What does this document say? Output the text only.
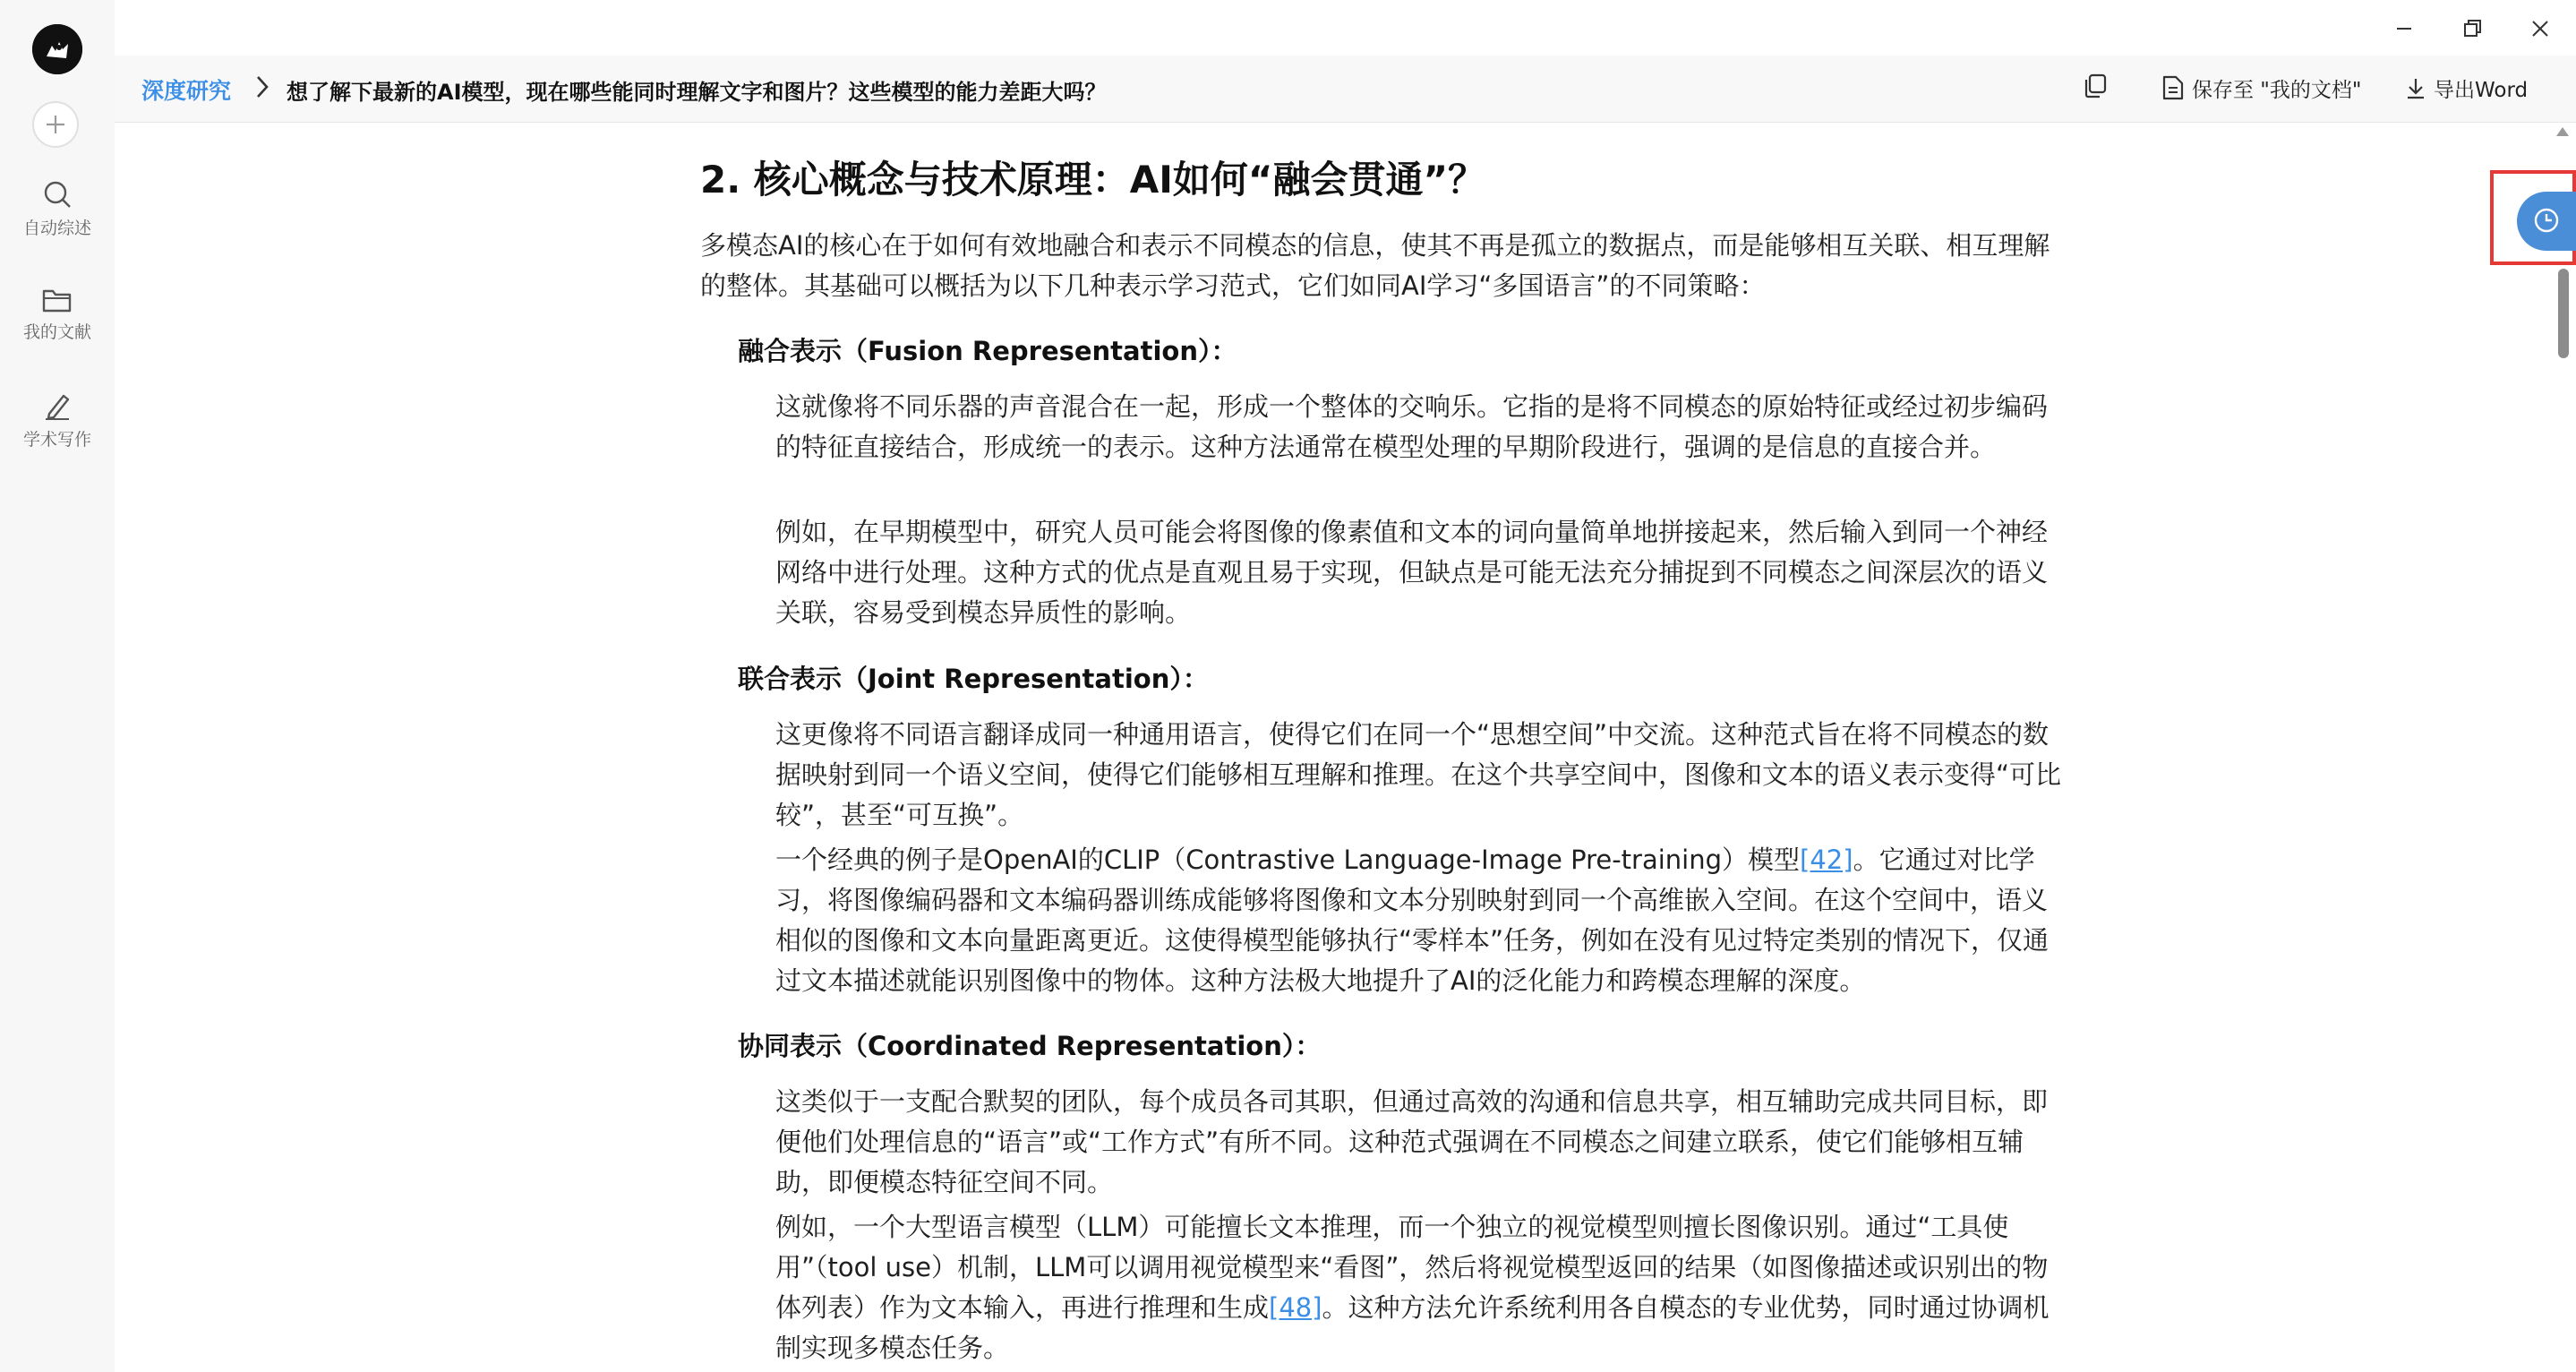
自动综述
我的文献
学术写作
深度研究	想了解下最新的AI模型，现在哪些能同时理解文字和图片？这些模型的能力差距大吗？	保存至 "我的文档"	导出Word
2. 核心概念与技术原理：AI如何“融会贯通”？

多模态AI的核心在于如何有效地融合和表示不同模态的信息，使其不再是孤立的数据点，而是能够相互关联、相互理解的整体。其基础可以概括为以下几种表示学习范式，它们如同AI学习“多国语言”的不同策略：

融合表示（Fusion Representation）：

这就像将不同乐器的声音混合在一起，形成一个整体的交响乐。它指的是将不同模态的原始特征或经过初步编码的特征直接结合，形成统一的表示。这种方法通常在模型处理的早期阶段进行，强调的是信息的直接合并。

例如，在早期模型中，研究人员可能会将图像的像素值和文本的词向量简单地拼接起来，然后输入到同一个神经网络中进行处理。这种方式的优点是直观且易于实现，但缺点是可能无法充分捕捉到不同模态之间深层次的语义关联，容易受到模态异质性的影响。

联合表示（Joint Representation）：

这更像将不同语言翻译成同一种通用语言，使得它们在同一个“思想空间”中交流。这种范式旨在将不同模态的数据映射到同一个语义空间，使得它们能够相互理解和推理。在这个共享空间中，图像和文本的语义表示变得“可比较”，甚至“可互换”。

一个经典的例子是OpenAI的CLIP（Contrastive Language-Image Pre-training）模型[42]。它通过对比学习，将图像编码器和文本编码器训练成能够将图像和文本分别映射到同一个高维嵌入空间。在这个空间中，语义相似的图像和文本向量距离更近。这使得模型能够执行“零样本”任务，例如在没有见过特定类别的情况下，仅通过文本描述就能识别图像中的物体。这种方法极大地提升了AI的泛化能力和跨模态理解的深度。

协同表示（Coordinated Representation）：

这类似于一支配合默契的团队，每个成员各司其职，但通过高效的沟通和信息共享，相互辅助完成共同目标，即便他们处理信息的“语言”或“工作方式”有所不同。这种范式强调在不同模态之间建立联系，使它们能够相互辅助，即便模态特征空间不同。

例如，一个大型语言模型（LLM）可能擅长文本推理，而一个独立的视觉模型则擅长图像识别。通过“工具使用”（tool use）机制，LLM可以调用视觉模型来“看图”，然后将视觉模型返回的结果（如图像描述或识别出的物体列表）作为文本输入，再进行推理和生成[48]。这种方法允许系统利用各自模态的专业优势，同时通过协调机制实现多模态任务。
